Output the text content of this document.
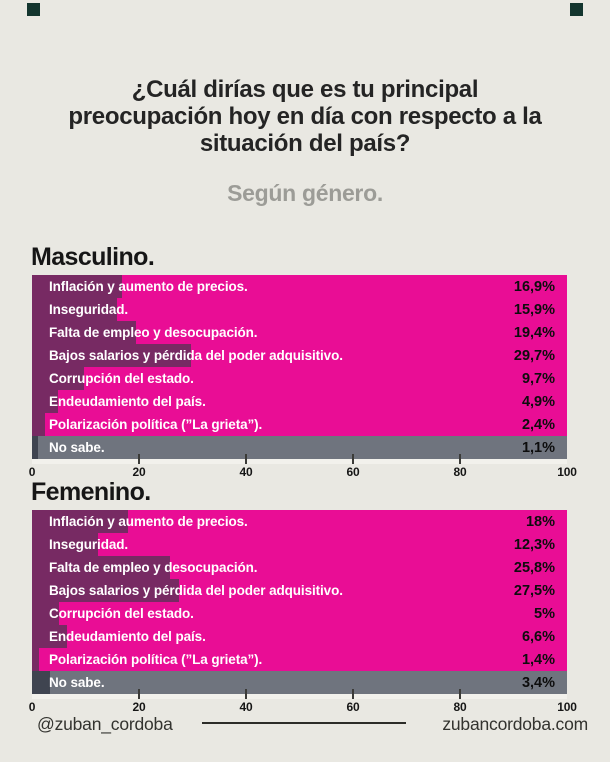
¿Cuál dirías que es tu principal
preocupación hoy en día con respecto a la
situación del país?
Según género.
Masculino.
Inflación y aumento de precios.	16,9%
Inseguridad.	15,9%
Falta de empleo y desocupación.	19,4%
Bajos salarios y pérdida del poder adquisitivo.	29,7%
Corrupción del estado.	9,7%
Endeudamiento del país.	4,9%
Polarización política (”La grieta”).	2,4%
No sabe.	1,1%
0	20	40	60	80	100
Femenino.
Inflación y aumento de precios.	18%
Inseguridad.	12,3%
Falta de empleo y desocupación.	25,8%
Bajos salarios y pérdida del poder adquisitivo.	27,5%
Corrupción del estado.	5%
Endeudamiento del país.	6,6%
Polarización política (”La grieta”).	1,4%
No sabe.	3,4%
0	20	40	60	80	100
@zuban_cordoba	zubancordoba.com
